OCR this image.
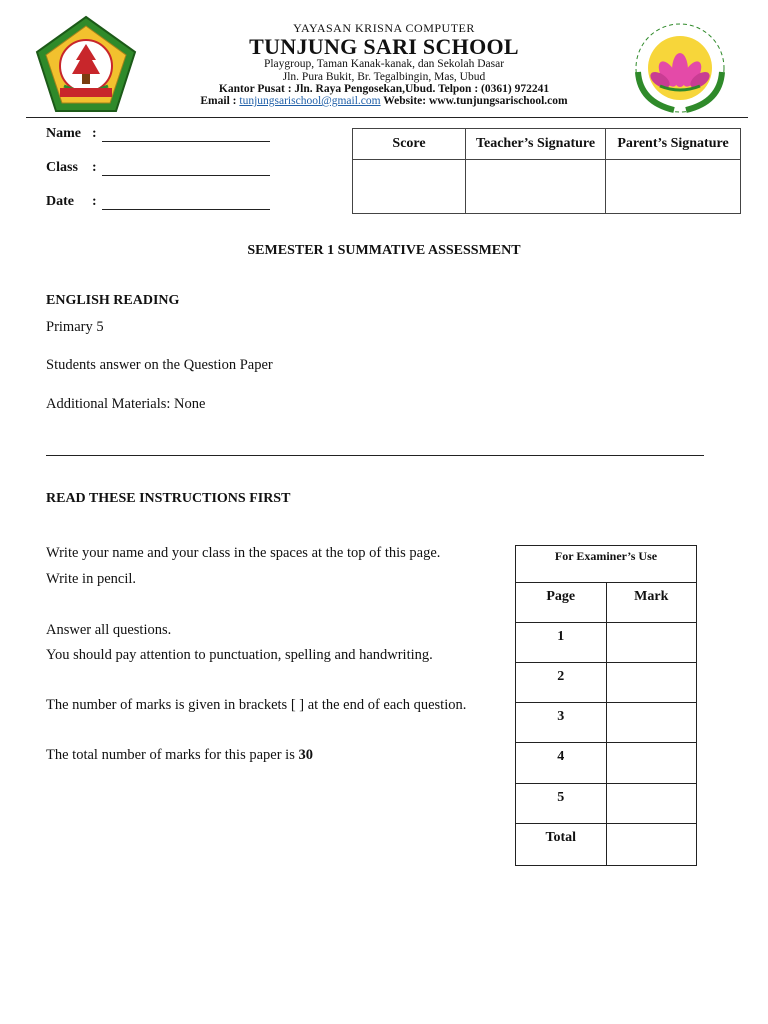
YAYASAN KRISNA COMPUTER
TUNJUNG SARI SCHOOL
Playgroup, Taman Kanak-kanak, dan Sekolah Dasar
Jln. Pura Bukit, Br. Tegalbingin, Mas, Ubud
Kantor Pusat : Jln. Raya Pengosekan,Ubud. Telpon : (0361) 972241
Email : tunjungsarischool@gmail.com Website: www.tunjungsarischool.com
Name :
Class :
Date :
Score	Teacher’s Signature	Parent’s Signature

SEMESTER 1 SUMMATIVE ASSESSMENT
ENGLISH READING
Primary 5
Students answer on the Question Paper
Additional Materials: None
READ THESE INSTRUCTIONS FIRST
Write your name and your class in the spaces at the top of this page.
Write in pencil.
Answer all questions.
You should pay attention to punctuation, spelling and handwriting.
The number of marks is given in brackets [ ] at the end of each question.
The total number of marks for this paper is 30
For Examiner’s Use	
Page	Mark
1	
2	
3	
4	
5	
Total	
